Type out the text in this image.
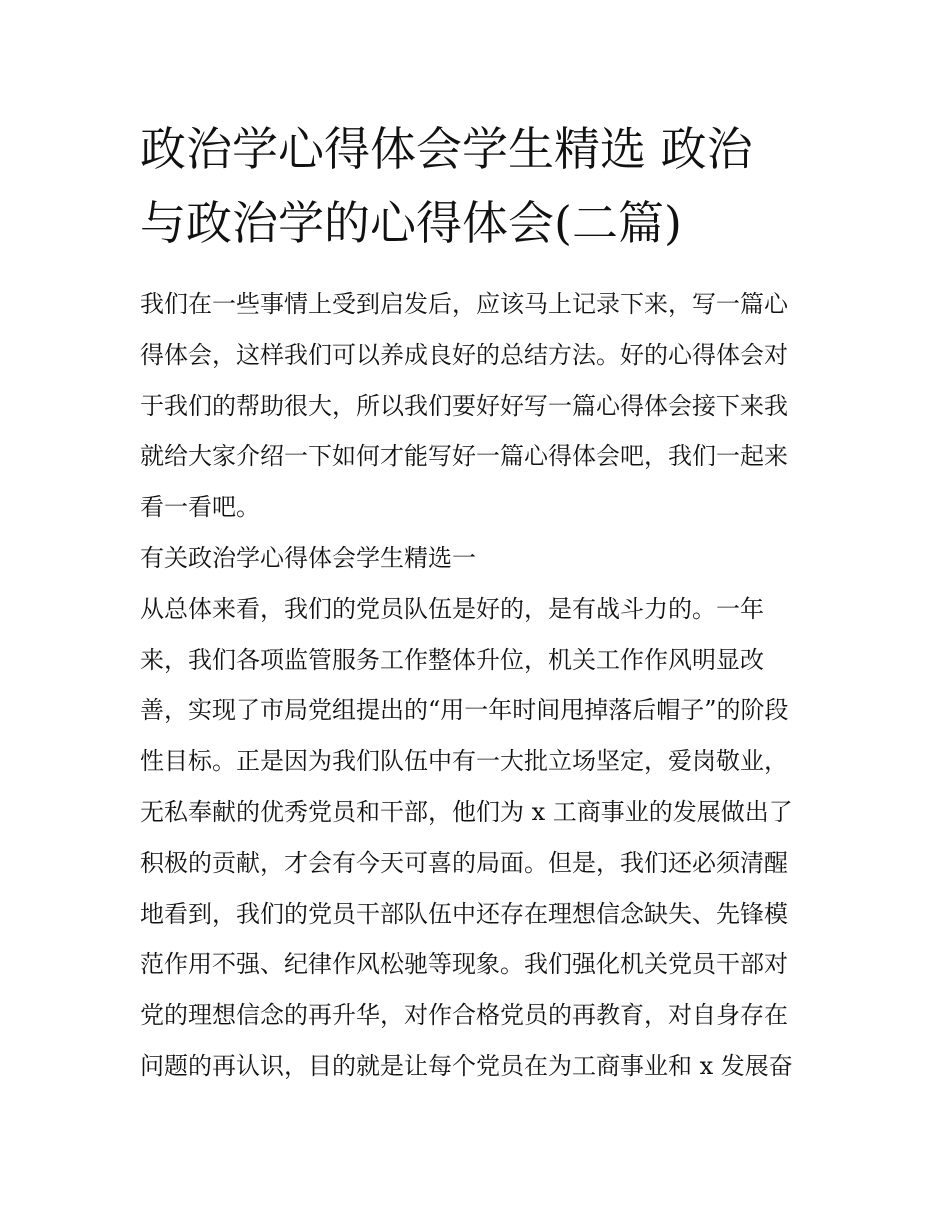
政治学心得体会学生精选 政治
与政治学的心得体会(二篇)
我们在一些事情上受到启发后，应该马上记录下来，写一篇心
得体会，这样我们可以养成良好的总结方法。好的心得体会对
于我们的帮助很大，所以我们要好好写一篇心得体会接下来我
就给大家介绍一下如何才能写好一篇心得体会吧，我们一起来
看一看吧。
有关政治学心得体会学生精选一
从总体来看，我们的党员队伍是好的，是有战斗力的。一年
来，我们各项监管服务工作整体升位，机关工作作风明显改
善，实现了市局党组提出的“用一年时间甩掉落后帽子”的阶段
性目标。正是因为我们队伍中有一大批立场坚定，爱岗敬业，
无私奉献的优秀党员和干部，他们为 x 工商事业的发展做出了
积极的贡献，才会有今天可喜的局面。但是，我们还必须清醒
地看到，我们的党员干部队伍中还存在理想信念缺失、先锋模
范作用不强、纪律作风松驰等现象。我们强化机关党员干部对
党的理想信念的再升华，对作合格党员的再教育，对自身存在
问题的再认识，目的就是让每个党员在为工商事业和 x 发展奋
